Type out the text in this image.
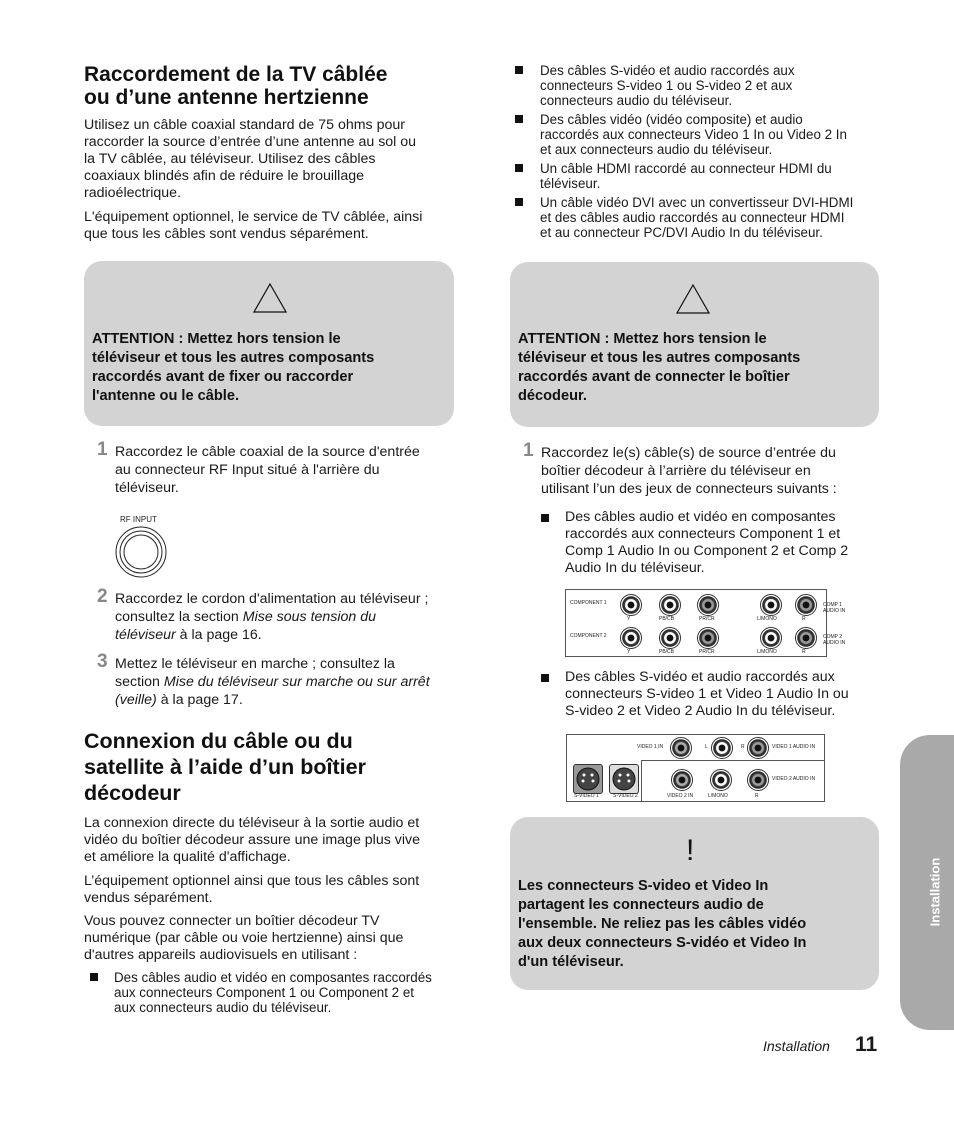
Raccordement de la TV câblée
ou d’une antenne hertzienne

Utilisez un câble coaxial standard de 75 ohms pour

raccorder la source d’entrée d’une antenne au sol ou

la TV câblée, au téléviseur. Utilisez des câbles

coaxiaux blindés afin de réduire le brouillage

radioélectrique.

L'équipement optionnel, le service de TV câblée, ainsi

que tous les câbles sont vendus séparément.

ATTENTION : Mettez hors tension le
téléviseur et tous les autres composants
raccordés avant de fixer ou raccorder
l'antenne ou le câble.
1 Raccordez le câble coaxial de la source d'entrée
au connecteur RF Input situé à l'arrière du
téléviseur.
RF INPUT
2 Raccordez le cordon d'alimentation au téléviseur ;
consultez la section Mise sous tension du
téléviseur à la page 16.
3 Mettez le téléviseur en marche ; consultez la
section Mise du téléviseur sur marche ou sur arrêt
(veille) à la page 17.
Connexion du câble ou du
satellite à l’aide d’un boîtier
décodeur

La connexion directe du téléviseur à la sortie audio et

vidéo du boîtier décodeur assure une image plus vive

et améliore la qualité d'affichage.

L’équipement optionnel ainsi que tous les câbles sont

vendus séparément.

Vous pouvez connecter un boîtier décodeur TV

numérique (par câble ou voie hertzienne) ainsi que

d'autres appareils audiovisuels en utilisant :

Des câbles audio et vidéo en composantes raccordés
aux connecteurs Component 1 ou Component 2 et
aux connecteurs audio du téléviseur.
Des câbles S-vidéo et audio raccordés aux
connecteurs S-video 1 ou S-video 2 et aux
connecteurs audio du téléviseur.
Des câbles vidéo (vidéo composite) et audio
raccordés aux connecteurs Video 1 In ou Video 2 In
et aux connecteurs audio du téléviseur.
Un câble HDMI raccordé au connecteur HDMI du
téléviseur.
Un câble vidéo DVI avec un convertisseur DVI-HDMI
et des câbles audio raccordés au connecteur HDMI
et au connecteur PC/DVI Audio In du téléviseur.
ATTENTION : Mettez hors tension le
téléviseur et tous les autres composants
raccordés avant de connecter le boîtier
décodeur.
1 Raccordez le(s) câble(s) de source d’entrée du
boîtier décodeur à l’arrière du téléviseur en
utilisant l’un des jeux de connecteurs suivants :
Des câbles audio et vidéo en composantes
raccordés aux connecteurs Component 1 et
Comp 1 Audio In ou Component 2 et Comp 2
Audio In du téléviseur.
COMPONENT 1
COMPONENT 2
Y	PB/CB	PR/CR	L/MONO	R
COMP 1
AUDIO IN
Y	PB/CB	PR/CR	L/MONO	R
COMP 2
AUDIO IN
Des câbles S-vidéo et audio raccordés aux
connecteurs S-video 1 et Video 1 Audio In ou
S-video 2 et Video 2 Audio In du téléviseur.
VIDEO 1 IN	L	R	VIDEO 1 AUDIO IN
S-VIDEO 1	S-VIDEO 2
VIDEO 2 AUDIO IN
VIDEO 2 IN	L/MONO	R
!
Les connecteurs S-video et Video In
partagent les connecteurs audio de
l'ensemble. Ne reliez pas les câbles vidéo
aux deux connecteurs S-vidéo et Video In
d'un téléviseur.
Installation
Installation 11
